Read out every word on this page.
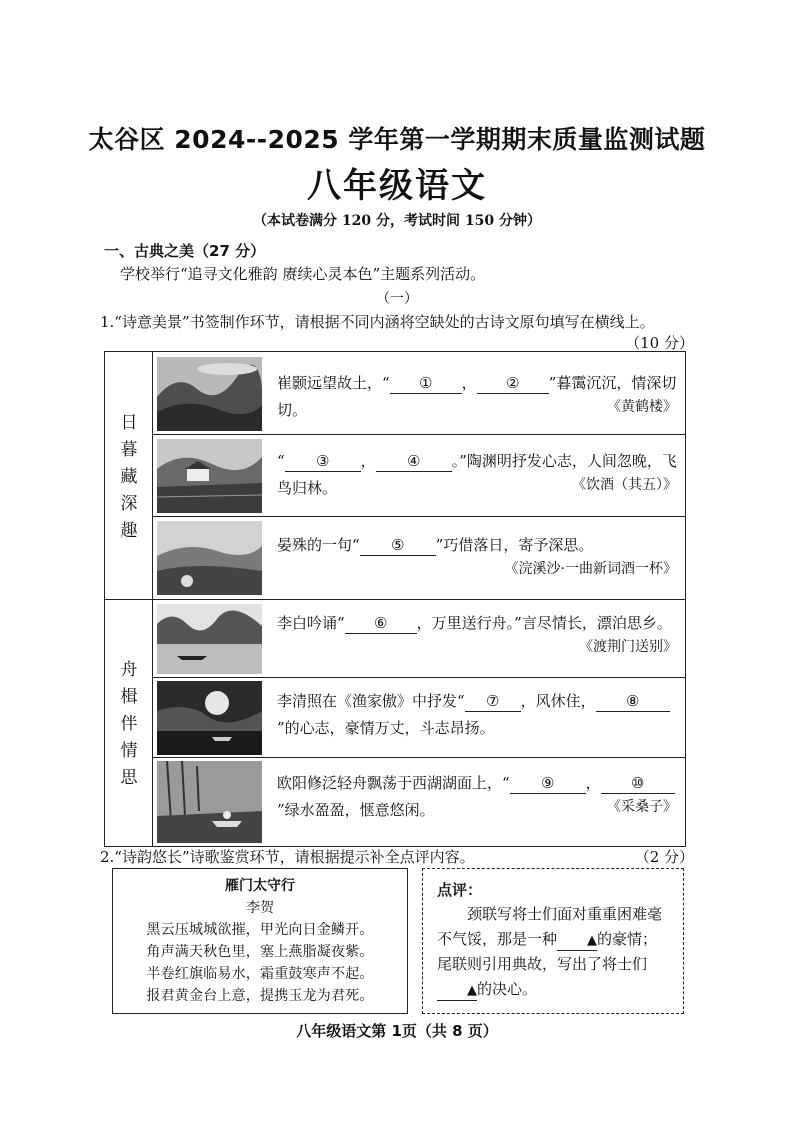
太谷区 2024--2025 学年第一学期期末质量监测试题
八年级语文
（本试卷满分 120 分，考试时间 150 分钟）
一、古典之美（27 分）
学校举行“追寻文化雅韵 赓续心灵本色”主题系列活动。
（一）
1.“诗意美景”书签制作环节，请根据不同内涵将空缺处的古诗文原句填写在横线上。
（10 分）
日
暮
藏
深
趣
舟
楫
伴
情
思
崔颢远望故土，“ ① ， ② ”暮霭沉沉，情深切切。	《黄鹤楼》
“ ③ ， ④ 。”陶渊明抒发心志，人间忽晚，飞鸟归林。	《饮酒（其五）》
晏殊的一句“ ⑤ ”巧借落日，寄予深思。
《浣溪沙·一曲新词酒一杯》
李白吟诵“ ⑥ ，万里送行舟。”言尽情长，漂泊思乡。
《渡荆门送别》
李清照在《渔家傲》中抒发“ ⑦ ，风休住， ⑧”的心志，豪情万丈，斗志昂扬。
欧阳修泛轻舟飘荡于西湖湖面上，“ ⑨ ， ⑩”绿水盈盈，惬意悠闲。	《采桑子》
2.“诗韵悠长”诗歌鉴赏环节，请根据提示补全点评内容。	（2 分）
雁门太守行
李贺
黑云压城城欲摧，甲光向日金鳞开。
角声满天秋色里，塞上燕脂凝夜紫。
半卷红旗临易水，霜重鼓寒声不起。
报君黄金台上意，提携玉龙为君死。
点评：
颈联写将士们面对重重困难毫不气馁，那是一种 ▲的豪情；尾联则引用典故，写出了将士们▲的决心。
八年级语文第 1页（共 8 页）
